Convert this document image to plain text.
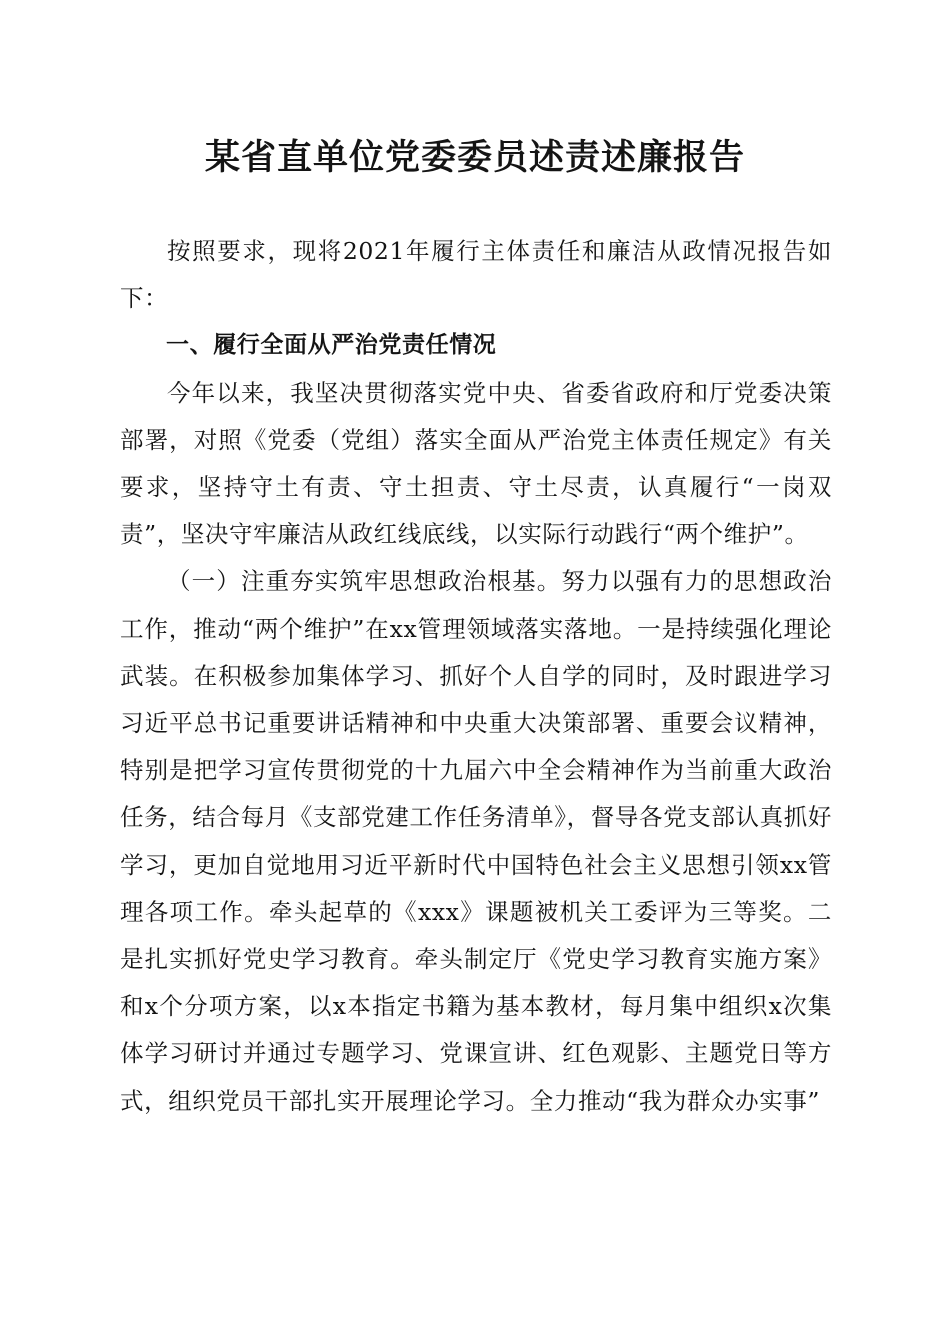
某省直单位党委委员述责述廉报告

按照要求，现将2021年履行主体责任和廉洁从政情况报告如下：

一、履行全面从严治党责任情况

今年以来，我坚决贯彻落实党中央、省委省政府和厅党委决策部署，对照《党委（党组）落实全面从严治党主体责任规定》有关要求，坚持守土有责、守土担责、守土尽责，认真履行“一岗双责”，坚决守牢廉洁从政红线底线，以实际行动践行“两个维护”。

（一）注重夯实筑牢思想政治根基。努力以强有力的思想政治工作，推动“两个维护”在xx管理领域落实落地。一是持续强化理论武装。在积极参加集体学习、抓好个人自学的同时，及时跟进学习习近平总书记重要讲话精神和中央重大决策部署、重要会议精神，特别是把学习宣传贯彻党的十九届六中全会精神作为当前重大政治任务，结合每月《支部党建工作任务清单》，督导各党支部认真抓好学习，更加自觉地用习近平新时代中国特色社会主义思想引领xx管理各项工作。牵头起草的《xxx》课题被机关工委评为三等奖。二是扎实抓好党史学习教育。牵头制定厅《党史学习教育实施方案》和x个分项方案，以x本指定书籍为基本教材，每月集中组织x次集体学习研讨并通过专题学习、党课宣讲、红色观影、主题党日等方式，组织党员干部扎实开展理论学习。全力推动“我为群众办实事”
